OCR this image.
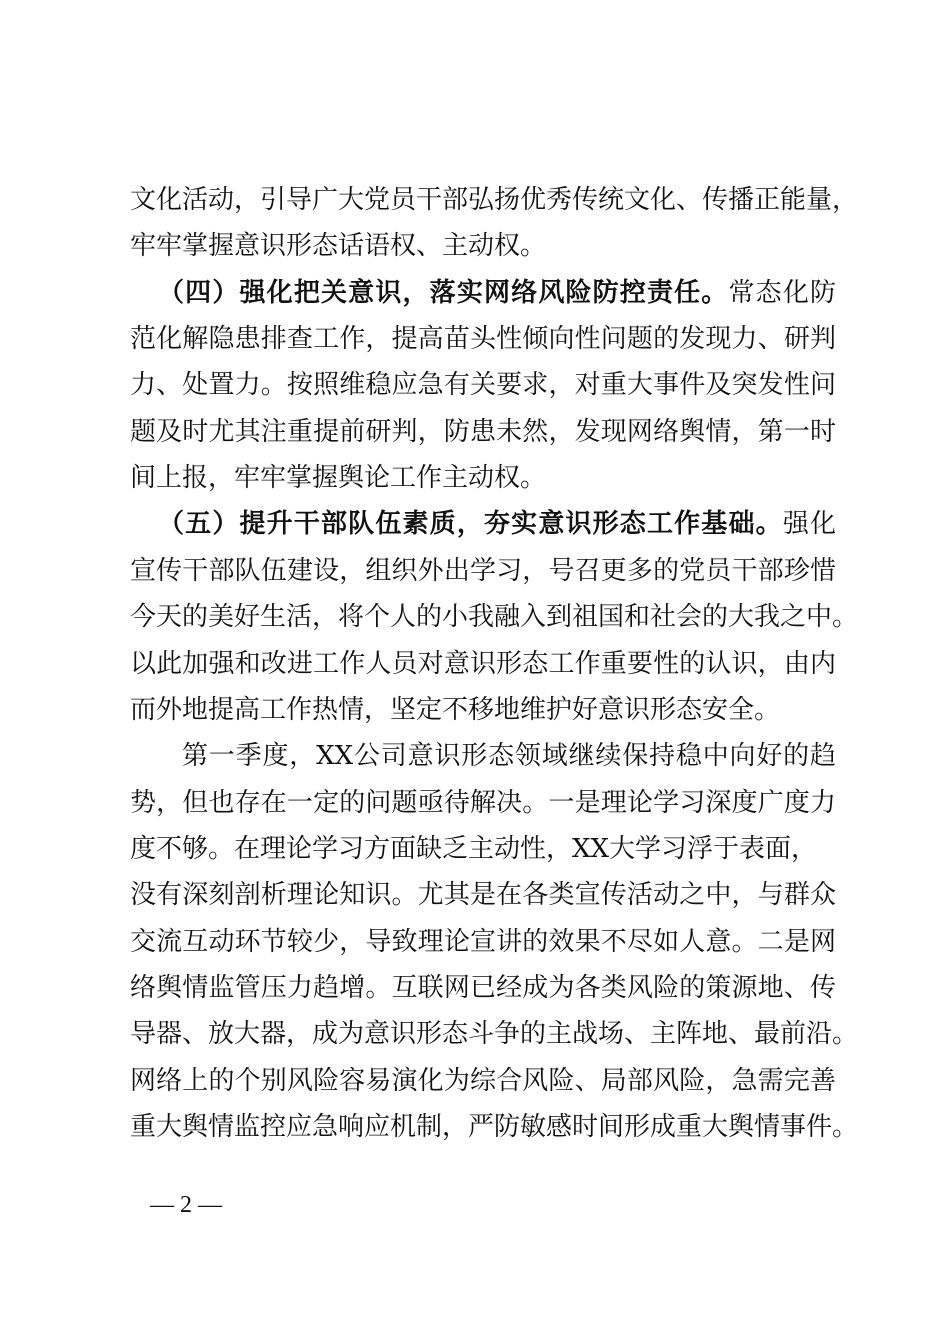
文化活动，引导广大党员干部弘扬优秀传统文化、传播正能量，
牢牢掌握意识形态话语权、主动权。
（四）强化把关意识，落实网络风险防控责任。常态化防
范化解隐患排查工作，提高苗头性倾向性问题的发现力、研判
力、处置力。按照维稳应急有关要求，对重大事件及突发性问
题及时尤其注重提前研判，防患未然，发现网络舆情，第一时
间上报，牢牢掌握舆论工作主动权。
（五）提升干部队伍素质，夯实意识形态工作基础。强化
宣传干部队伍建设，组织外出学习，号召更多的党员干部珍惜
今天的美好生活，将个人的小我融入到祖国和社会的大我之中。
以此加强和改进工作人员对意识形态工作重要性的认识，由内
而外地提高工作热情，坚定不移地维护好意识形态安全。
第一季度，XX公司意识形态领域继续保持稳中向好的趋
势，但也存在一定的问题亟待解决。一是理论学习深度广度力
度不够。在理论学习方面缺乏主动性，XX大学习浮于表面，
没有深刻剖析理论知识。尤其是在各类宣传活动之中，与群众
交流互动环节较少，导致理论宣讲的效果不尽如人意。二是网
络舆情监管压力趋增。互联网已经成为各类风险的策源地、传
导器、放大器，成为意识形态斗争的主战场、主阵地、最前沿。
网络上的个别风险容易演化为综合风险、局部风险，急需完善
重大舆情监控应急响应机制，严防敏感时间形成重大舆情事件。
— 2 —
